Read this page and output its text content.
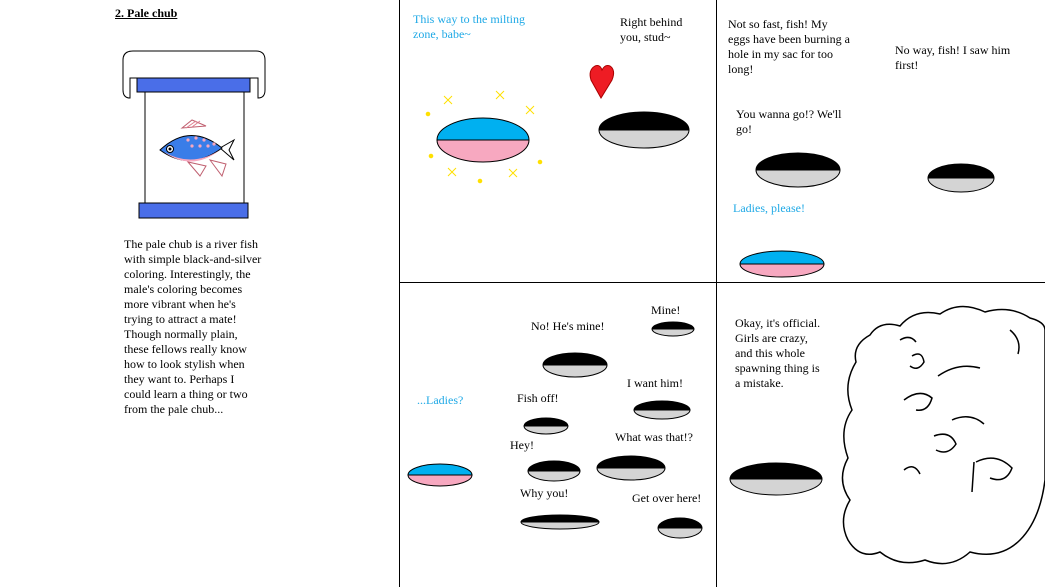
2. Pale chub
The pale chub is a river fish
with simple black-and-silver
coloring. Interestingly, the
male's coloring becomes
more vibrant when he's
trying to attract a mate!
Though normally plain,
these fellows really know
how to look stylish when
they want to. Perhaps I
could learn a thing or two
from the pale chub...
This way to the milting
zone, babe~
Right behind
you, stud~
Not so fast, fish! My
eggs have been burning a
hole in my sac for too
long!
No way, fish! I saw him
first!
You wanna go!? We'll
go!
Ladies, please!
...Ladies?
Mine!
No! He's mine!
I want him!
Fish off!
What was that!?
Hey!
Why you!	Get over here!
Okay, it's official.
Girls are crazy,
and this whole
spawning thing is
a mistake.
